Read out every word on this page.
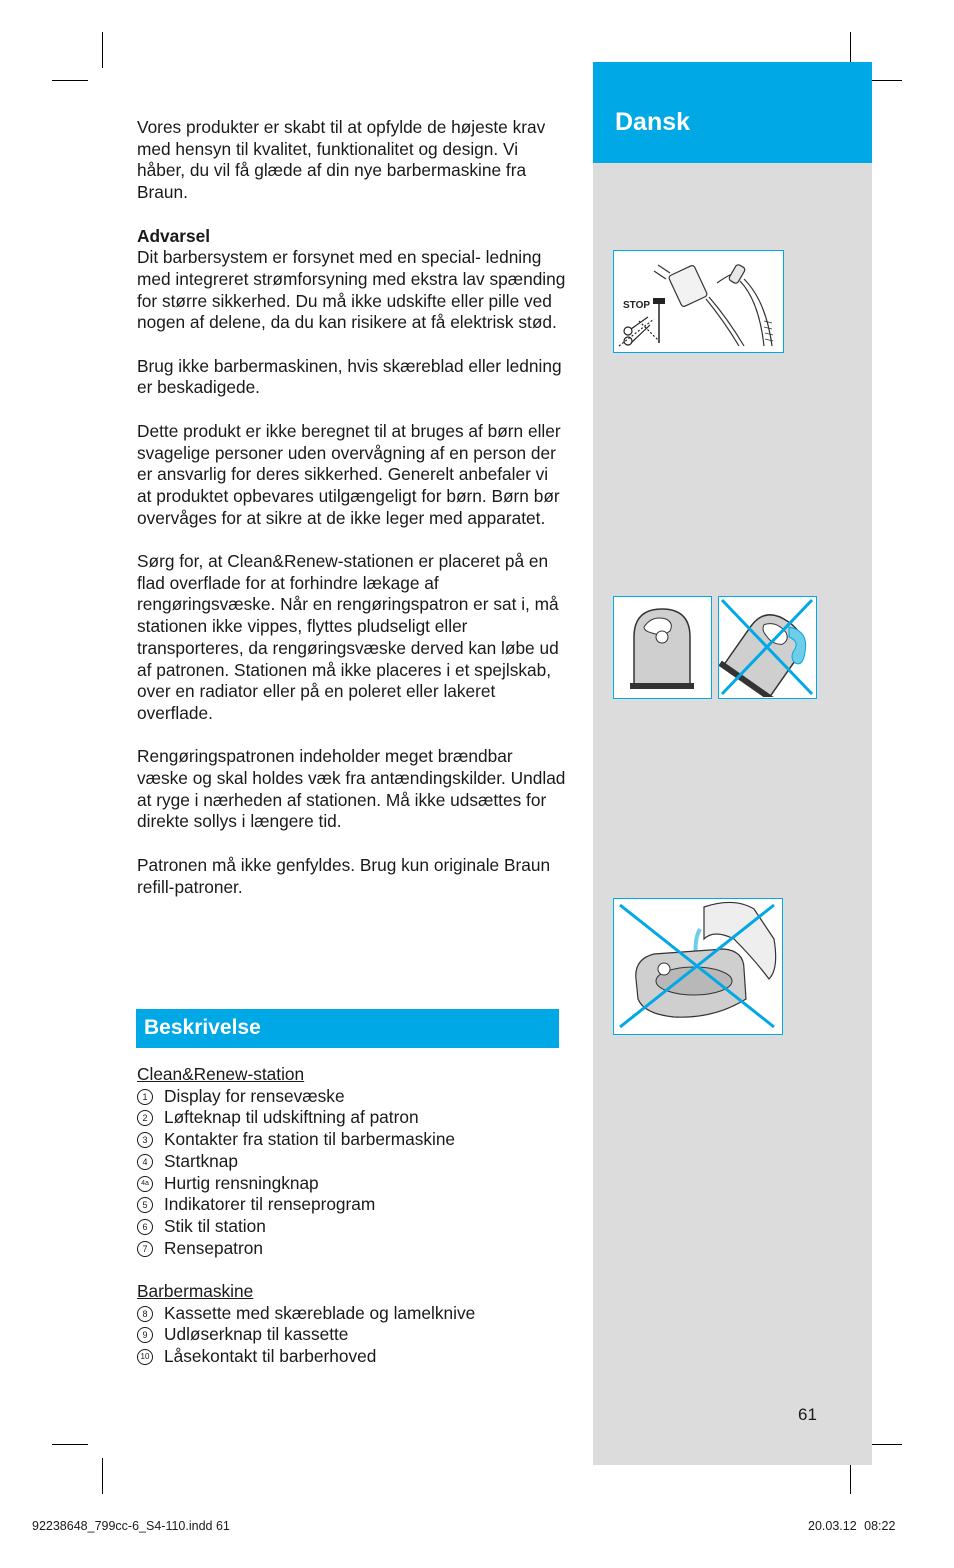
Dansk

Vores produkter er skabt til at opfylde de højeste krav med hensyn til kvalitet, funktionalitet og design. Vi håber, du vil få glæde af din nye barbermaskine fra Braun.

Advarsel
Dit barbersystem er forsynet med en special- ledning med integreret strømforsyning med ekstra lav spænding for større sikkerhed. Du må ikke udskifte eller pille ved nogen af delene, da du kan risikere at få elektrisk stød.

Brug ikke barbermaskinen, hvis skæreblad eller ledning er beskadigede.

Dette produkt er ikke beregnet til at bruges af børn eller svagelige personer uden overvågning af en person der er ansvarlig for deres sikkerhed. Generelt anbefaler vi at produktet opbevares utilgængeligt for børn. Børn bør overvåges for at sikre at de ikke leger med apparatet.

Sørg for, at Clean&Renew-stationen er placeret på en flad overflade for at forhindre lækage af rengøringsvæske. Når en rengøringspatron er sat i, må stationen ikke vippes, flyttes pludseligt eller transporteres, da rengøringsvæske derved kan løbe ud af patronen. Stationen må ikke placeres i et spejlskab, over en radiator eller på en poleret eller lakeret overflade.

Rengøringspatronen indeholder meget brændbar væske og skal holdes væk fra antændingskilder. Undlad at ryge i nærheden af stationen. Må ikke udsættes for direkte sollys i længere tid.

Patronen må ikke genfyldes. Brug kun originale Braun refill-patroner.

Beskrivelse
Clean&Renew-station
1 Display for rensevæske
2 Løfteknap til udskiftning af patron
3 Kontakter fra station til barbermaskine
4 Startknap
4a Hurtig rensningknap
5 Indikatorer til renseprogram
6 Stik til station
7 Rensepatron
Barbermaskine
8 Kassette med skæreblade og lamelknive
9 Udløserknap til kassette
10 Låsekontakt til barberhoved
STOP
61
92238648_799cc-6_S4-110.indd 61	20.03.12 08:22
